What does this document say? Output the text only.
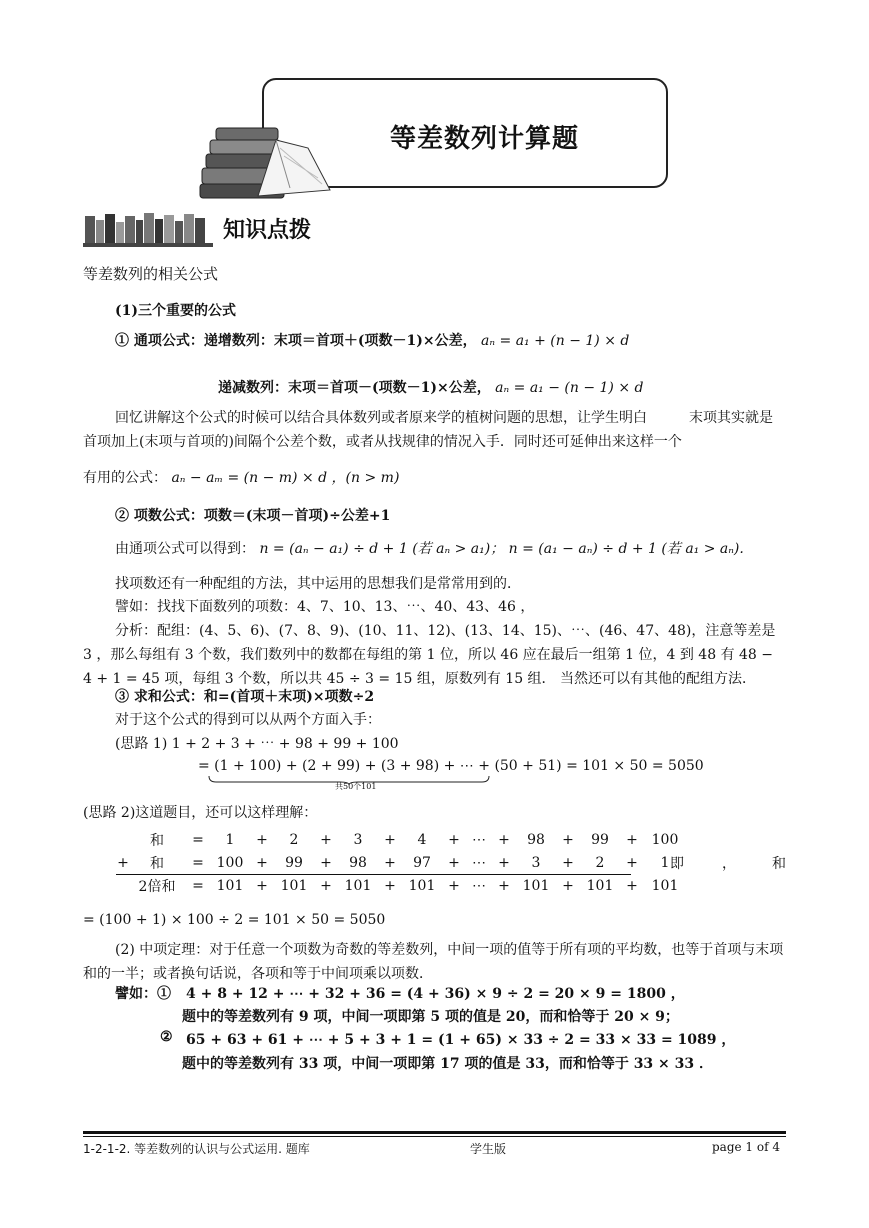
等差数列计算题
知识点拨
等差数列的相关公式
(1)三个重要的公式
① 通项公式：递增数列：末项＝首项＋(项数－1)×公差， aₙ = a₁ + (n − 1) × d
递减数列：末项＝首项－(项数－1)×公差， aₙ = a₁ − (n − 1) × d
回忆讲解这个公式的时候可以结合具体数列或者原来学的植树问题的思想，让学生明白　　　末项其实就是首项加上(末项与首项的)间隔个公差个数，或者从找规律的情况入手．同时还可延伸出来这样一个
有用的公式： aₙ − aₘ = (n − m) × d ，(n > m)
② 项数公式：项数＝(末项－首项)÷公差+1
由通项公式可以得到： n = (aₙ − a₁) ÷ d + 1 (若 aₙ > a₁)； n = (a₁ − aₙ) ÷ d + 1 (若 a₁ > aₙ).
找项数还有一种配组的方法，其中运用的思想我们是常常用到的．
譬如：找找下面数列的项数：4、7、10、13、⋯、40、43、46 ，
分析：配组：(4、5、6)、(7、8、9)、(10、11、12)、(13、14、15)、⋯、(46、47、48)，注意等差是 3 ，那么每组有 3 个数，我们数列中的数都在每组的第 1 位，所以 46 应在最后一组第 1 位，4 到 48 有 48 − 4 + 1 = 45 项，每组 3 个数，所以共 45 ÷ 3 = 15 组，原数列有 15 组． 当然还可以有其他的配组方法．
③ 求和公式：和=(首项＋末项)×项数÷2
对于这个公式的得到可以从两个方面入手：
(思路 1) 1 + 2 + 3 + ⋯ + 98 + 99 + 100
= (1 + 100) + (2 + 99) + (3 + 98) + ⋯ + (50 + 51) = 101 × 50 = 5050
共50个101
(思路 2)这道题目，还可以这样理解：
	和	=	1	+	2	+	3	+	4	+	⋯	+	98	+	99	+	100
+	和	=	100	+	99	+	98	+	97	+	⋯	+	3	+	2	+	1
	2倍和	=	101	+	101	+	101	+	101	+	⋯	+	101	+	101	+	101
即	，	和
= (100 + 1) × 100 ÷ 2 = 101 × 50 = 5050
(2) 中项定理：对于任意一个项数为奇数的等差数列，中间一项的值等于所有项的平均数，也等于首项与末项和的一半；或者换句话说，各项和等于中间项乘以项数．
譬如：① 4 + 8 + 12 + ⋯ + 32 + 36 = (4 + 36) × 9 ÷ 2 = 20 × 9 = 1800 ，
题中的等差数列有 9 项，中间一项即第 5 项的值是 20，而和恰等于 20 × 9；
② 65 + 63 + 61 + ⋯ + 5 + 3 + 1 = (1 + 65) × 33 ÷ 2 = 33 × 33 = 1089 ，
题中的等差数列有 33 项，中间一项即第 17 项的值是 33，而和恰等于 33 × 33 ．
1-2-1-2. 等差数列的认识与公式运用. 题库	学生版	page 1 of 4
